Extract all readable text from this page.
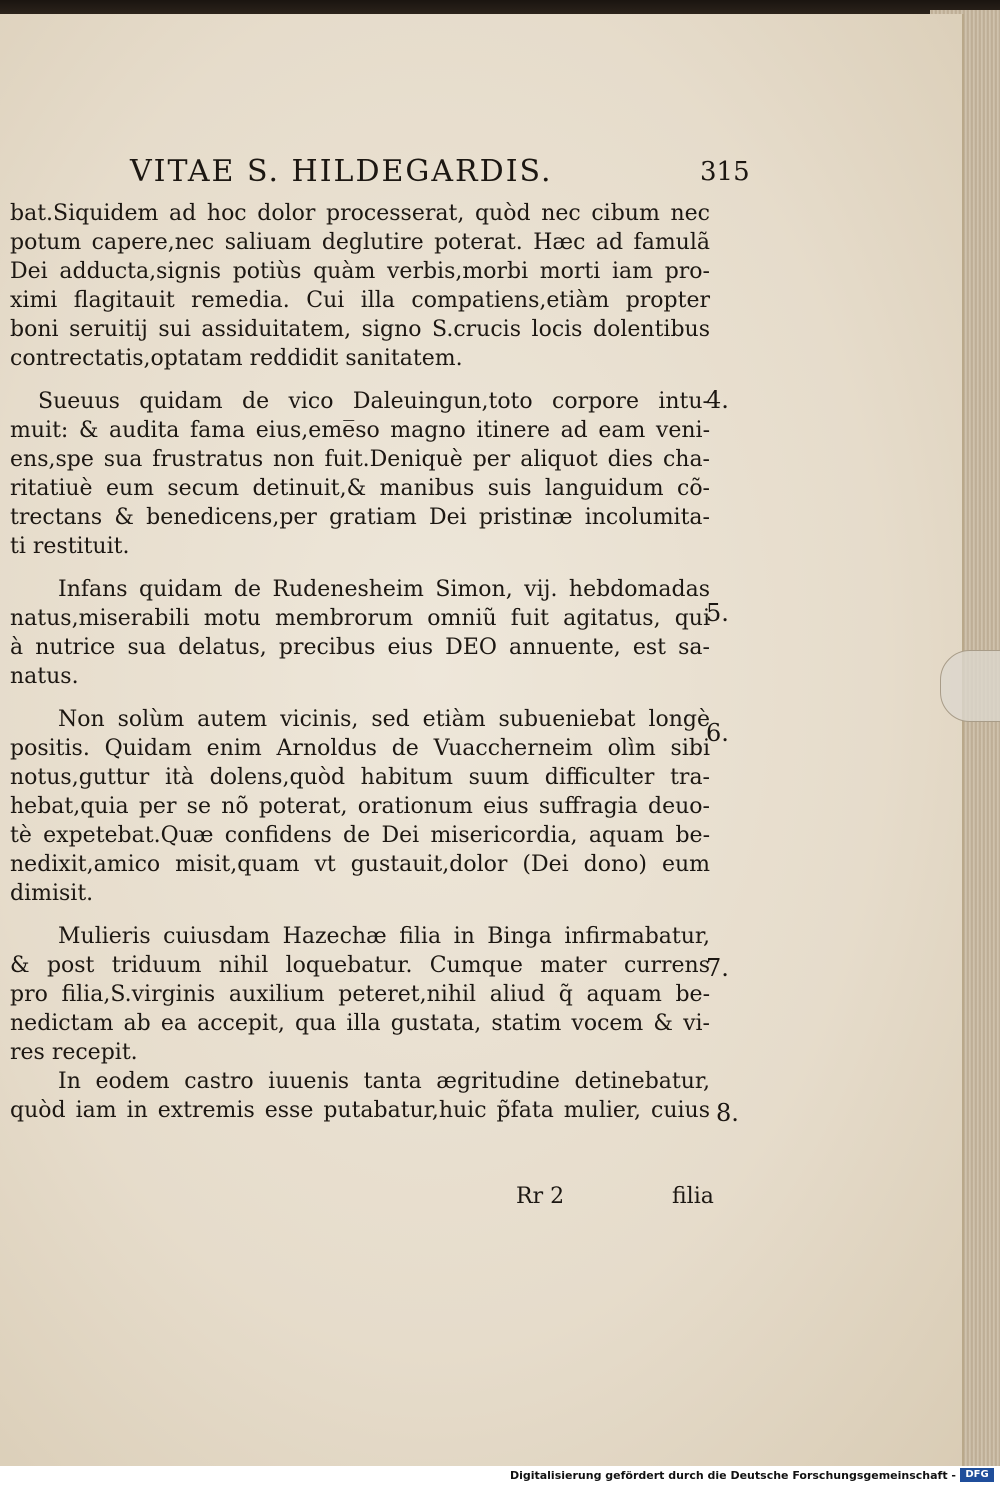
VITAE S. HILDEGARDIS.	315
bat.Siquidem ad hoc dolor processerat, quòd nec cibum nec
potum capere,nec saliuam deglutire poterat. Hæc ad famulã
Dei adducta,signis potiùs quàm verbis,morbi morti iam pro-
ximi flagitauit remedia. Cui illa compatiens,etiàm propter
boni seruitij sui assiduitatem, signo S.crucis locis dolentibus
contrectatis,optatam reddidit sanitatem.
Sueuus quidam de vico Daleuingun,toto corpore intu-
muit: & audita fama eius,eme̅so magno itinere ad eam veni-
ens,spe sua frustratus non fuit.Deniquè per aliquot dies cha-
ritatiuè eum secum detinuit,& manibus suis languidum cõ-
trectans & benedicens,per gratiam Dei pristinæ incolumita-
ti restituit.
Infans quidam de Rudenesheim Simon, vij. hebdomadas
natus,miserabili motu membrorum omniũ fuit agitatus, qui
à nutrice sua delatus, precibus eius DEO annuente, est sa-
natus.
Non solùm autem vicinis, sed etiàm subueniebat longè
positis. Quidam enim Arnoldus de Vuaccherneim olìm sibi
notus,guttur ità dolens,quòd habitum suum difficulter tra-
hebat,quia per se nõ poterat, orationum eius suffragia deuo-
tè expetebat.Quæ confidens de Dei misericordia, aquam be-
nedixit,amico misit,quam vt gustauit,dolor (Dei dono) eum
dimisit.
Mulieris cuiusdam Hazechæ filia in Binga infirmabatur,
& post triduum nihil loquebatur. Cumque mater currens
pro filia,S.virginis auxilium peteret,nihil aliud q̃ aquam be-
nedictam ab ea accepit, qua illa gustata, statim vocem & vi-
res recepit.
In eodem castro iuuenis tanta ægritudine detinebatur,
quòd iam in extremis esse putabatur,huic p̃fata mulier, cuius
4.
5.
6.
7.
8.
Rr 2	filia
Digitalisierung gefördert durch die Deutsche Forschungsgemeinschaft - DFG
